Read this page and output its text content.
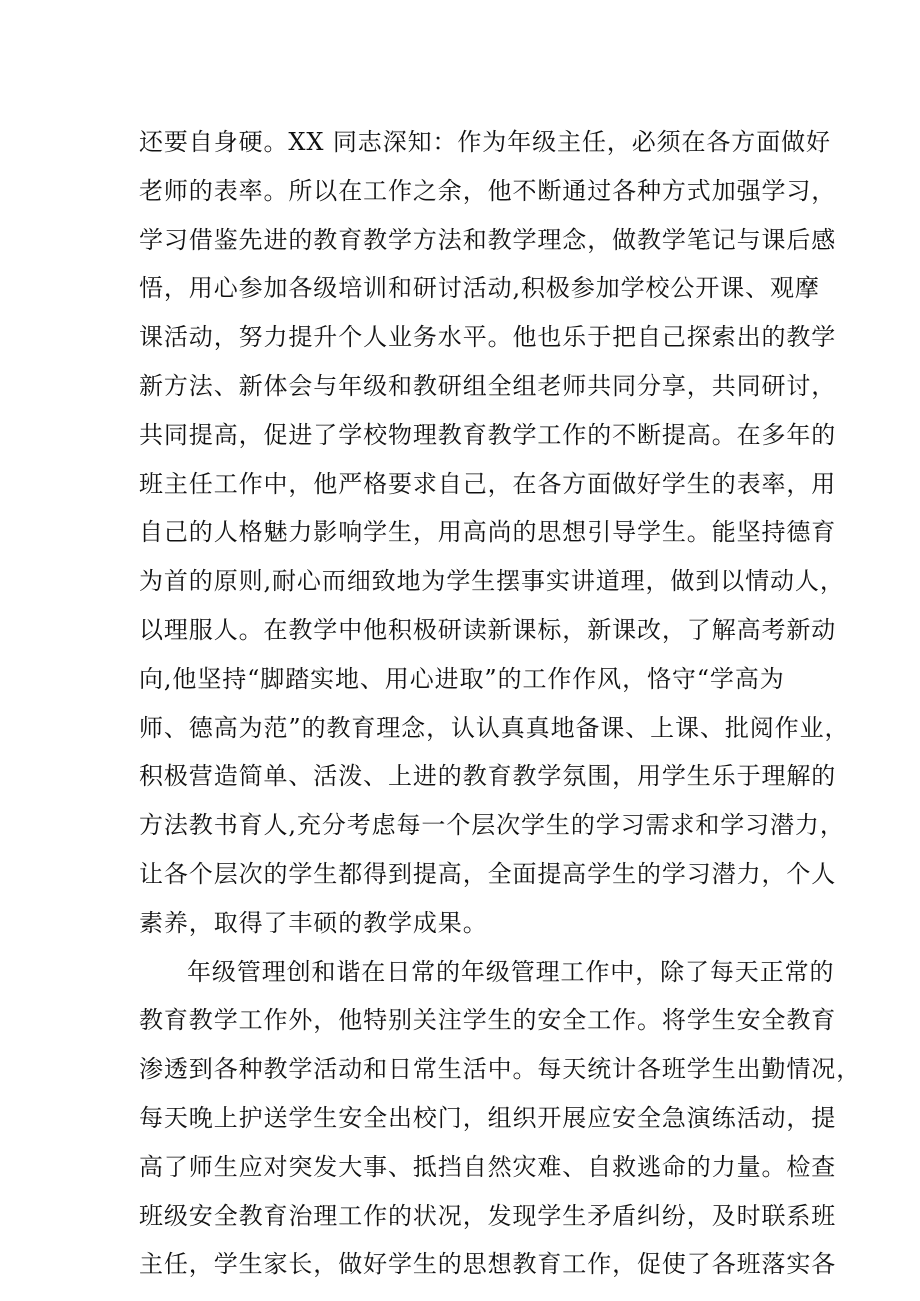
还要自身硬。XX 同志深知：作为年级主任，必须在各方面做好
老师的表率。所以在工作之余，他不断通过各种方式加强学习，
学习借鉴先进的教育教学方法和教学理念，做教学笔记与课后感
悟，用心参加各级培训和研讨活动,积极参加学校公开课、观摩
课活动，努力提升个人业务水平。他也乐于把自己探索出的教学
新方法、新体会与年级和教研组全组老师共同分享，共同研讨，
共同提高，促进了学校物理教育教学工作的不断提高。在多年的
班主任工作中，他严格要求自己，在各方面做好学生的表率，用
自己的人格魅力影响学生，用高尚的思想引导学生。能坚持德育
为首的原则,耐心而细致地为学生摆事实讲道理，做到以情动人，
以理服人。在教学中他积极研读新课标，新课改，了解高考新动
向,他坚持“脚踏实地、用心进取”的工作作风，恪守“学高为
师、德高为范”的教育理念，认认真真地备课、上课、批阅作业，
积极营造简单、活泼、上进的教育教学氛围，用学生乐于理解的
方法教书育人,充分考虑每一个层次学生的学习需求和学习潜力，
让各个层次的学生都得到提高，全面提高学生的学习潜力，个人
素养，取得了丰硕的教学成果。
年级管理创和谐在日常的年级管理工作中，除了每天正常的
教育教学工作外，他特别关注学生的安全工作。将学生安全教育
渗透到各种教学活动和日常生活中。每天统计各班学生出勤情况，
每天晚上护送学生安全出校门，组织开展应安全急演练活动，提
高了师生应对突发大事、抵挡自然灾难、自救逃命的力量。检查
班级安全教育治理工作的状况，发现学生矛盾纠纷，及时联系班
主任，学生家长，做好学生的思想教育工作，促使了各班落实各
